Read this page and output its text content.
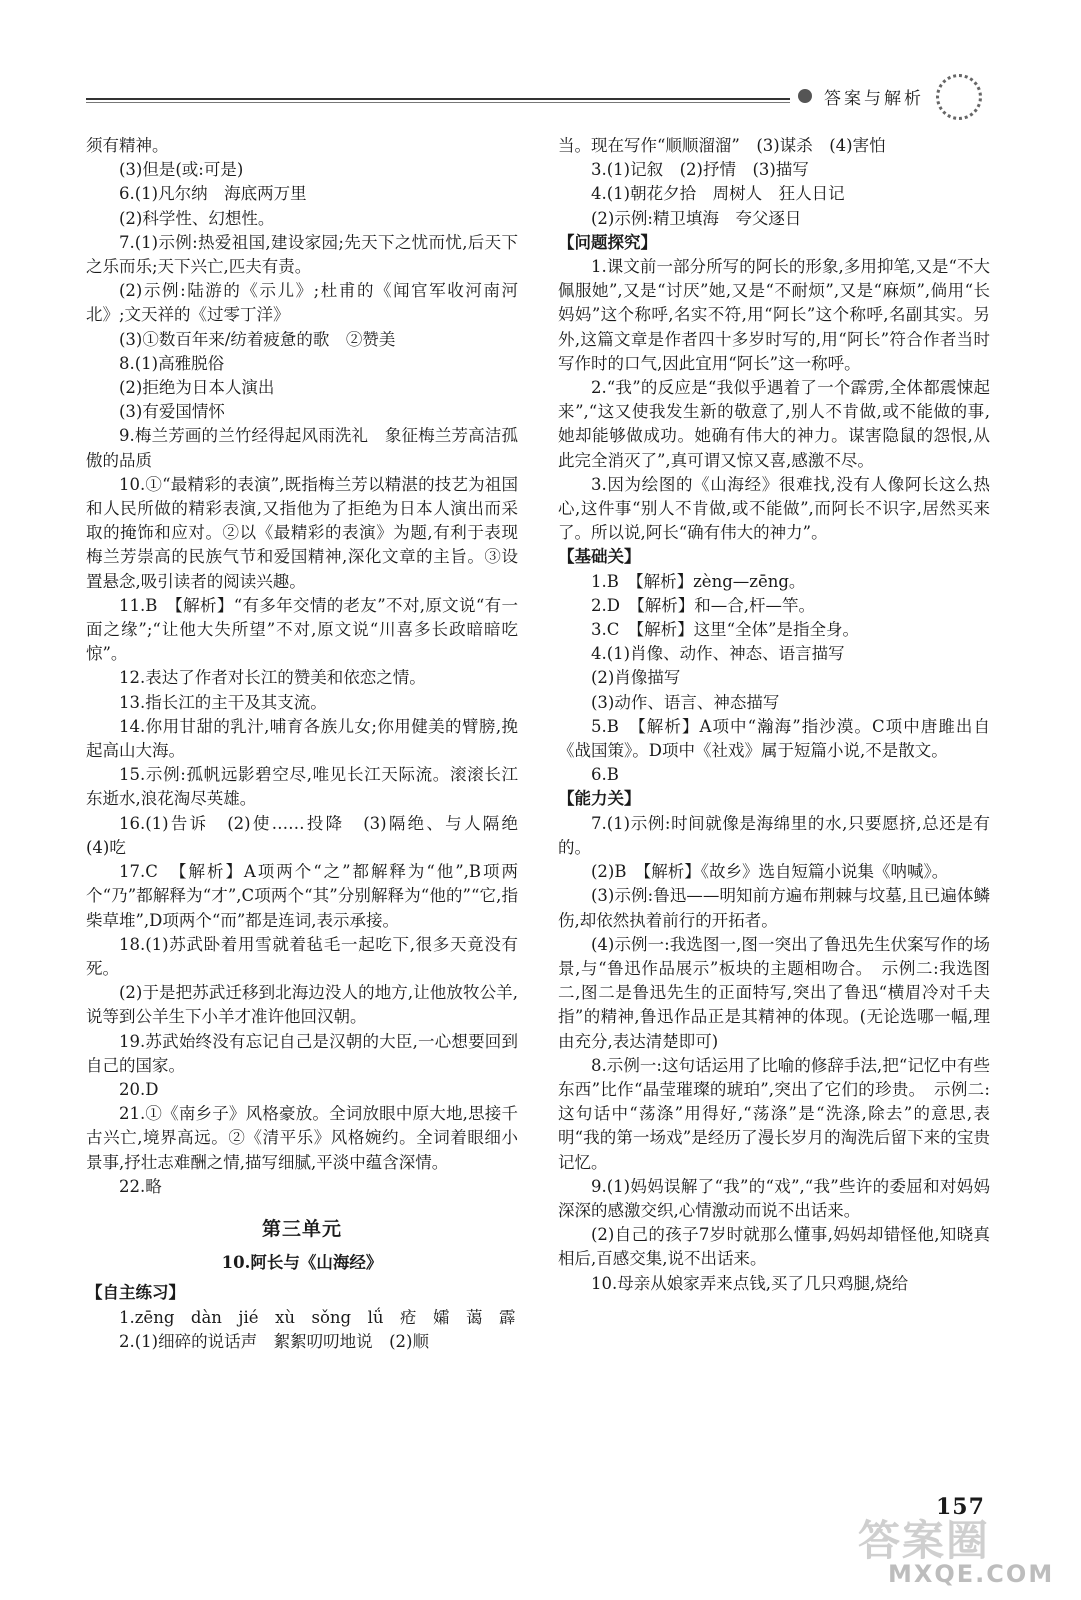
答案与解析

须有精神。

(3)但是(或:可是)

6.(1)凡尔纳　海底两万里

(2)科学性、幻想性。

7.(1)示例:热爱祖国,建设家园;先天下之忧而忧,后天下之乐而乐;天下兴亡,匹夫有责。

(2)示例:陆游的《示儿》;杜甫的《闻官军收河南河北》;文天祥的《过零丁洋》

(3)①数百年来/纺着疲惫的歌　②赞美

8.(1)高雅脱俗

(2)拒绝为日本人演出

(3)有爱国情怀

9.梅兰芳画的兰竹经得起风雨洗礼　象征梅兰芳高洁孤傲的品质

10.①“最精彩的表演”,既指梅兰芳以精湛的技艺为祖国和人民所做的精彩表演,又指他为了拒绝为日本人演出而采取的掩饰和应对。②以《最精彩的表演》为题,有利于表现梅兰芳崇高的民族气节和爱国精神,深化文章的主旨。③设置悬念,吸引读者的阅读兴趣。

11.B　【解析】“有多年交情的老友”不对,原文说“有一面之缘”;“让他大失所望”不对,原文说“川喜多长政暗暗吃惊”。

12.表达了作者对长江的赞美和依恋之情。

13.指长江的主干及其支流。

14.你用甘甜的乳汁,哺育各族儿女;你用健美的臂膀,挽起高山大海。

15.示例:孤帆远影碧空尽,唯见长江天际流。滚滚长江东逝水,浪花淘尽英雄。

16.(1)告诉　(2)使……投降　(3)隔绝、与人隔绝　(4)吃

17.C　【解析】A项两个“之”都解释为“他”,B项两个“乃”都解释为“才”,C项两个“其”分别解释为“他的”“它,指柴草堆”,D项两个“而”都是连词,表示承接。

18.(1)苏武卧着用雪就着毡毛一起吃下,很多天竟没有死。

(2)于是把苏武迁移到北海边没人的地方,让他放牧公羊,说等到公羊生下小羊才准许他回汉朝。

19.苏武始终没有忘记自己是汉朝的大臣,一心想要回到自己的国家。

20.D

21.①《南乡子》风格豪放。全词放眼中原大地,思接千古兴亡,境界高远。②《清平乐》风格婉约。全词着眼细小景事,抒壮志难酬之情,描写细腻,平淡中蕴含深情。

22.略

第三单元
10.阿长与《山海经》
【自主练习】

1.zēng　dàn　jié　xù　sǒng　lǘ　疮　孀　蔼　霹

2.(1)细碎的说话声　絮絮叨叨地说　(2)顺

当。现在写作“顺顺溜溜”　(3)谋杀　(4)害怕

3.(1)记叙　(2)抒情　(3)描写

4.(1)朝花夕拾　周树人　狂人日记

(2)示例:精卫填海　夸父逐日

【问题探究】

1.课文前一部分所写的阿长的形象,多用抑笔,又是“不大佩服她”,又是“讨厌”她,又是“不耐烦”,又是“麻烦”,倘用“长妈妈”这个称呼,名实不符,用“阿长”这个称呼,名副其实。另外,这篇文章是作者四十多岁时写的,用“阿长”符合作者当时写作时的口气,因此宜用“阿长”这一称呼。

2.“我”的反应是“我似乎遇着了一个霹雳,全体都震悚起来”,“这又使我发生新的敬意了,别人不肯做,或不能做的事,她却能够做成功。她确有伟大的神力。谋害隐鼠的怨恨,从此完全消灭了”,真可谓又惊又喜,感激不尽。

3.因为绘图的《山海经》很难找,没有人像阿长这么热心,这件事“别人不肯做,或不能做”,而阿长不识字,居然买来了。所以说,阿长“确有伟大的神力”。

【基础关】

1.B　【解析】zèng—zēng。

2.D　【解析】和—合,杆—竿。

3.C　【解析】这里“全体”是指全身。

4.(1)肖像、动作、神态、语言描写

(2)肖像描写

(3)动作、语言、神态描写

5.B　【解析】A项中“瀚海”指沙漠。C项中唐雎出自《战国策》。D项中《社戏》属于短篇小说,不是散文。

6.B

【能力关】

7.(1)示例:时间就像是海绵里的水,只要愿挤,总还是有的。

(2)B　【解析】《故乡》选自短篇小说集《呐喊》。

(3)示例:鲁迅——明知前方遍布荆棘与坟墓,且已遍体鳞伤,却依然执着前行的开拓者。

(4)示例一:我选图一,图一突出了鲁迅先生伏案写作的场景,与“鲁迅作品展示”板块的主题相吻合。　示例二:我选图二,图二是鲁迅先生的正面特写,突出了鲁迅“横眉冷对千夫指”的精神,鲁迅作品正是其精神的体现。(无论选哪一幅,理由充分,表达清楚即可)

8.示例一:这句话运用了比喻的修辞手法,把“记忆中有些东西”比作“晶莹璀璨的琥珀”,突出了它们的珍贵。　示例二:这句话中“荡涤”用得好,“荡涤”是“洗涤,除去”的意思,表明“我的第一场戏”是经历了漫长岁月的淘洗后留下来的宝贵记忆。

9.(1)妈妈误解了“我”的“戏”,“我”些许的委屈和对妈妈深深的感激交织,心情激动而说不出话来。

(2)自己的孩子7岁时就那么懂事,妈妈却错怪他,知晓真相后,百感交集,说不出话来。

10.母亲从娘家弄来点钱,买了几只鸡腿,烧给

157
答案圈
MXQE.COM
